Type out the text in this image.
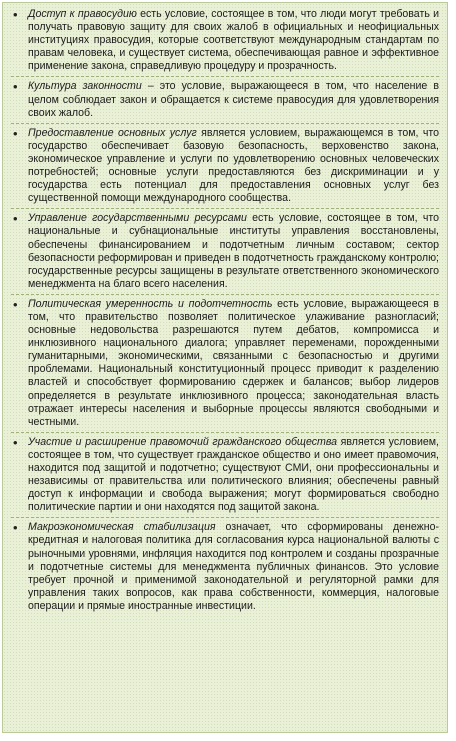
• Доступ к правосудию есть условие, состоящее в том, что люди могут требовать и получать правовую защиту для своих жалоб в официальных и неофициальных институциях правосудия, которые соответствуют международным стандартам по правам человека, и существует система, обеспечивающая равное и эффективное применение закона, справедливую процедуру и прозрачность.
• Культура законности – это условие, выражающееся в том, что население в целом соблюдает закон и обращается к системе правосудия для удовлетворения своих жалоб.
• Предоставление основных услуг является условием, выражающемся в том, что государство обеспечивает базовую безопасность, верховенство закона, экономическое управление и услуги по удовлетворению основных человеческих потребностей; основные услуги предоставляются без дискриминации и у государства есть потенциал для предоставления основных услуг без существенной помощи международного сообщества.
• Управление государственными ресурсами есть условие, состоящее в том, что национальные и субнациональные институты управления восстановлены, обеспечены финансированием и подотчетным личным составом; сектор безопасности реформирован и приведен в подотчетность гражданскому контролю; государственные ресурсы защищены в результате ответственного экономического менеджмента на благо всего населения.
• Политическая умеренность и подотчетность есть условие, выражающееся в том, что правительство позволяет политическое улаживание разногласий; основные недовольства разрешаются путем дебатов, компромисса и инклюзивного национального диалога; управляет переменами, порожденными гуманитарными, экономическими, связанными с безопасностью и другими проблемами. Национальный конституционный процесс приводит к разделению властей и способствует формированию сдержек и балансов; выбор лидеров определяется в результате инклюзивного процесса; законодательная власть отражает интересы населения и выборные процессы являются свободными и честными.
• Участие и расширение правомочий гражданского общества является условием, состоящее в том, что существует гражданское общество и оно имеет правомочия, находится под защитой и подотчетно; существуют СМИ, они профессиональны и независимы от правительства или политического влияния; обеспечены равный доступ к информации и свобода выражения; могут формироваться свободно политические партии и они находятся под защитой закона.
• Макроэкономическая стабилизация означает, что сформированы денежно-кредитная и налоговая политика для согласования курса национальной валюты с рыночными уровнями, инфляция находится под контролем и созданы прозрачные и подотчетные системы для менеджмента публичных финансов. Это условие требует прочной и применимой законодательной и регуляторной рамки для управления таких вопросов, как права собственности, коммерция, налоговые операции и прямые иностранные инвестиции.
